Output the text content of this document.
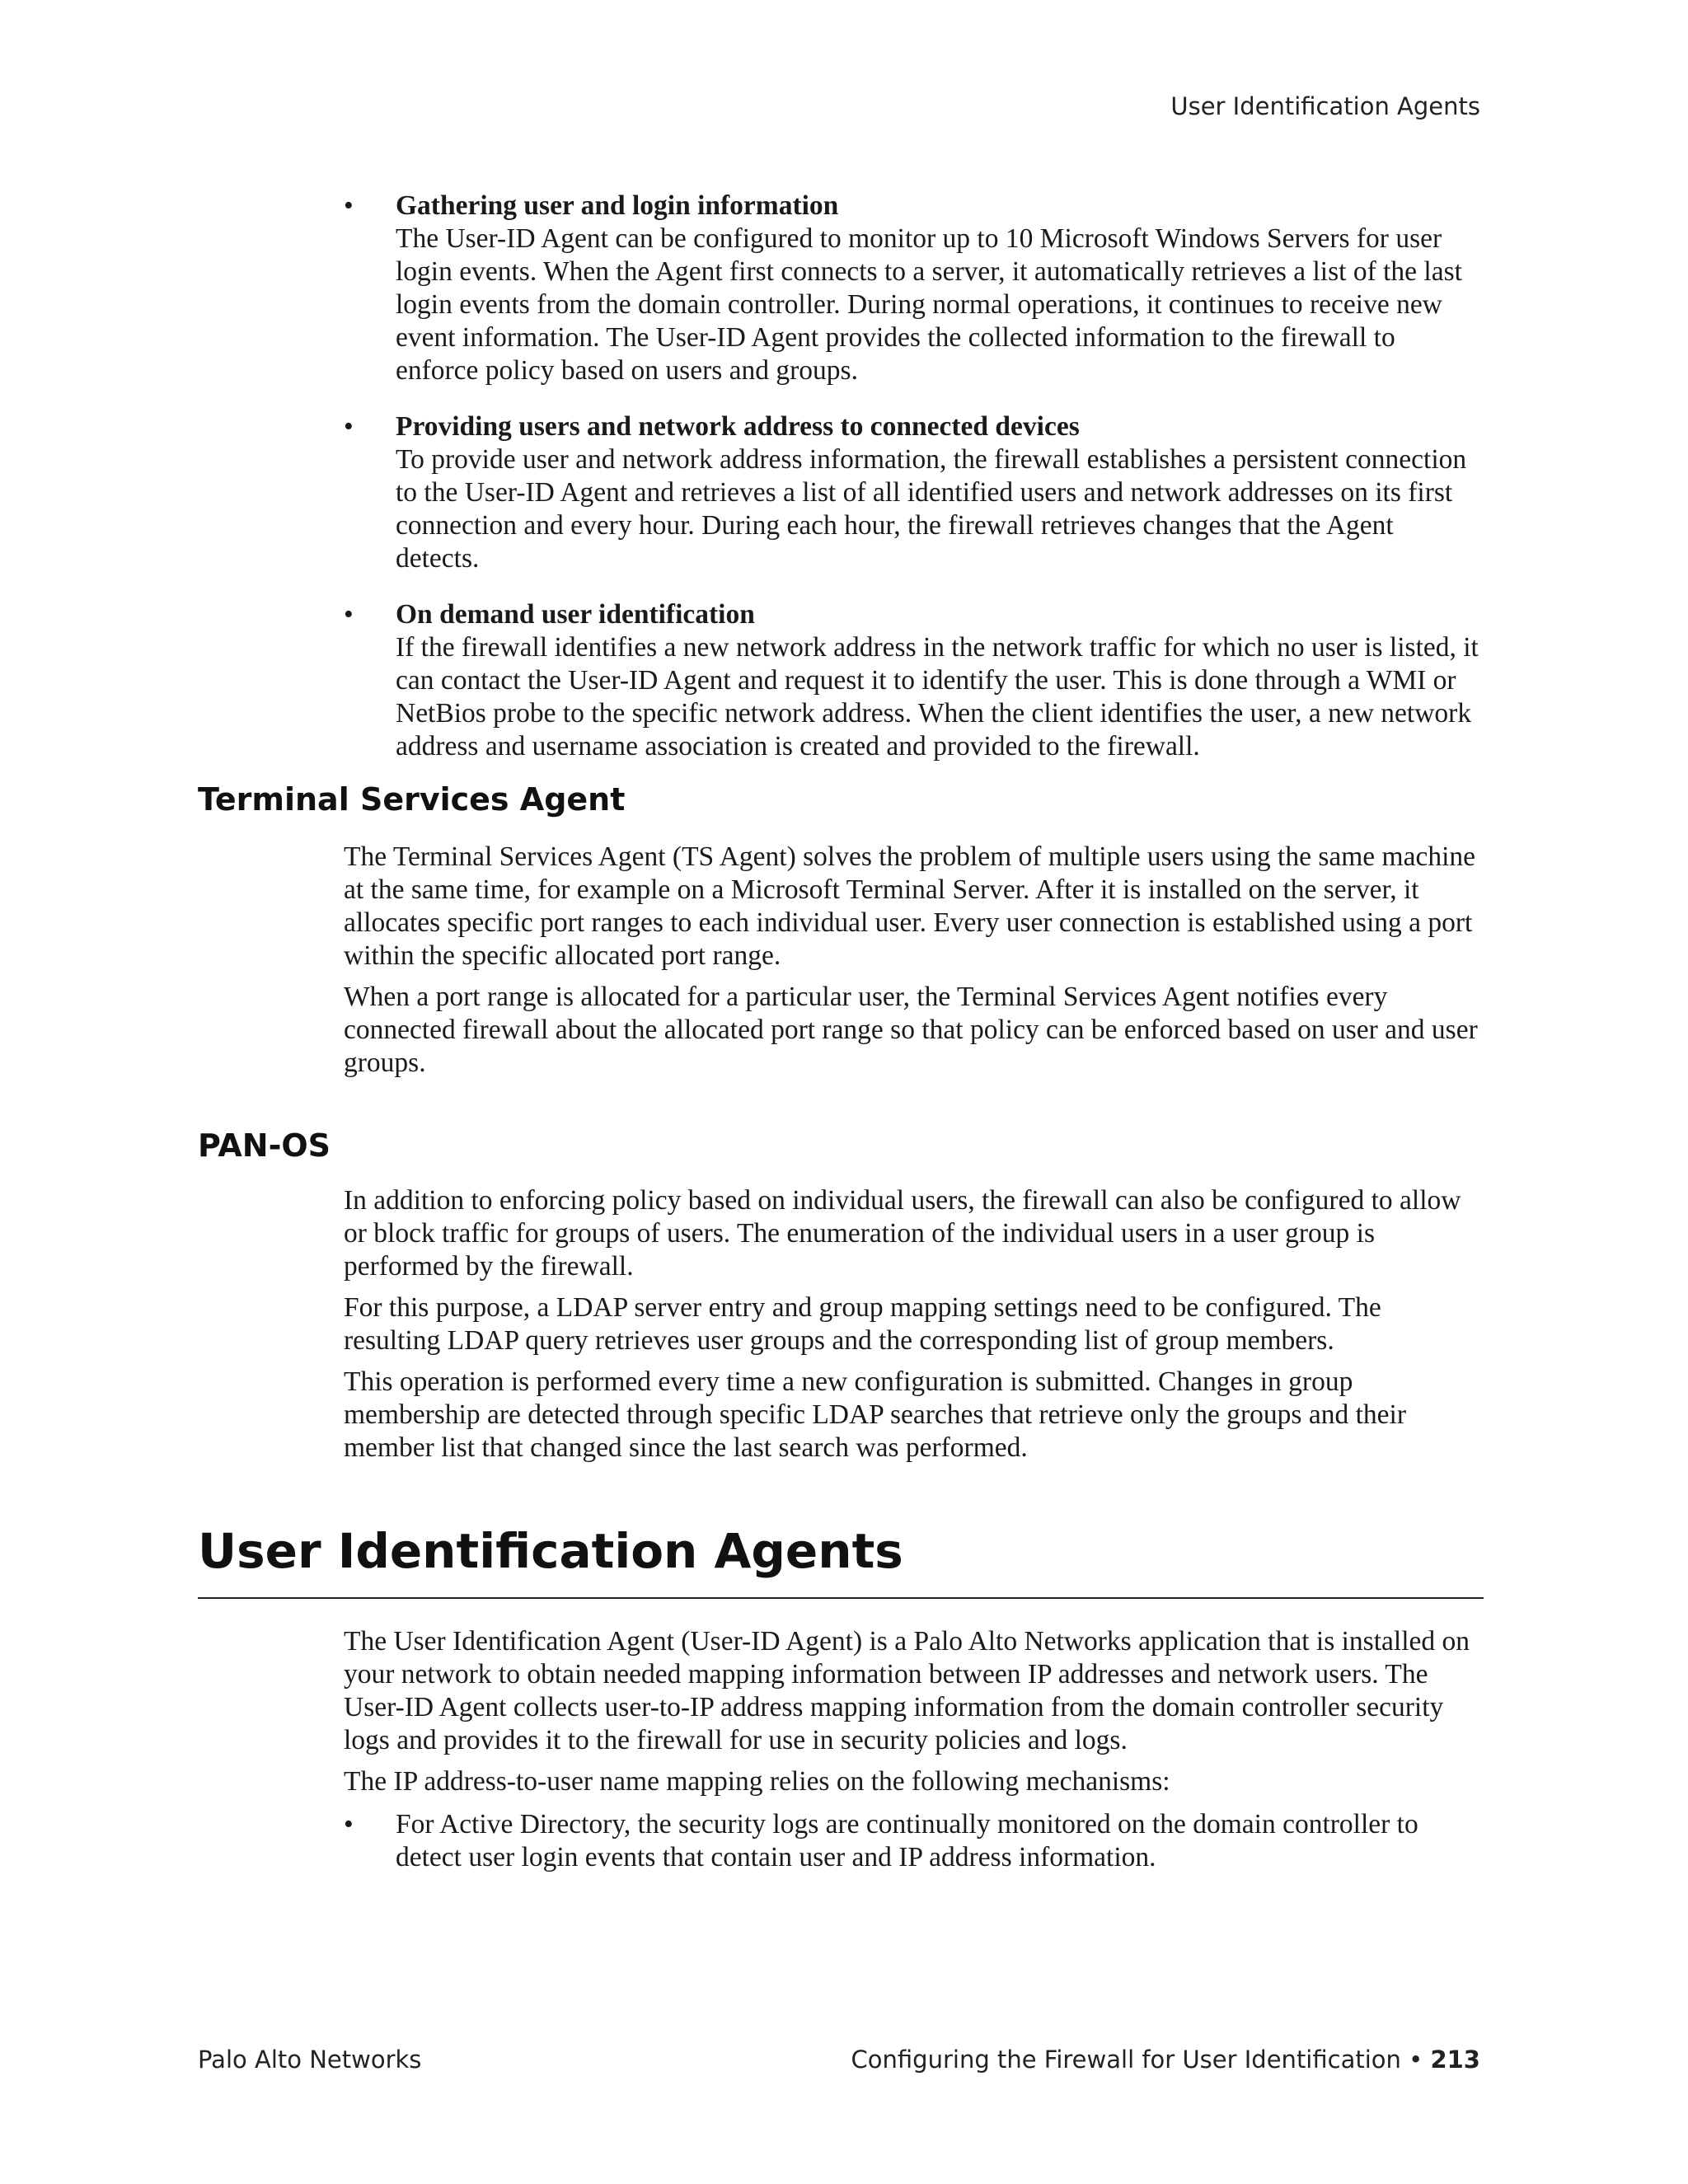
User Identification Agents
•	Gathering user and login information
The User-ID Agent can be configured to monitor up to 10 Microsoft Windows Servers for user login events. When the Agent first connects to a server, it automatically retrieves a list of the last login events from the domain controller. During normal operations, it continues to receive new event information. The User-ID Agent provides the collected information to the firewall to enforce policy based on users and groups.
•	Providing users and network address to connected devices
To provide user and network address information, the firewall establishes a persistent connection to the User-ID Agent and retrieves a list of all identified users and network addresses on its first connection and every hour. During each hour, the firewall retrieves changes that the Agent detects.
•	On demand user identification
If the firewall identifies a new network address in the network traffic for which no user is listed, it can contact the User-ID Agent and request it to identify the user. This is done through a WMI or NetBios probe to the specific network address. When the client identifies the user, a new network address and username association is created and provided to the firewall.
Terminal Services Agent

The Terminal Services Agent (TS Agent) solves the problem of multiple users using the same machine at the same time, for example on a Microsoft Terminal Server. After it is installed on the server, it allocates specific port ranges to each individual user. Every user connection is established using a port within the specific allocated port range.

When a port range is allocated for a particular user, the Terminal Services Agent notifies every connected firewall about the allocated port range so that policy can be enforced based on user and user groups.

PAN-OS

In addition to enforcing policy based on individual users, the firewall can also be configured to allow or block traffic for groups of users. The enumeration of the individual users in a user group is performed by the firewall.

For this purpose, a LDAP server entry and group mapping settings need to be configured. The resulting LDAP query retrieves user groups and the corresponding list of group members.

This operation is performed every time a new configuration is submitted. Changes in group membership are detected through specific LDAP searches that retrieve only the groups and their member list that changed since the last search was performed.

User Identification Agents

The User Identification Agent (User-ID Agent) is a Palo Alto Networks application that is installed on your network to obtain needed mapping information between IP addresses and network users. The User-ID Agent collects user-to-IP address mapping information from the domain controller security logs and provides it to the firewall for use in security policies and logs.

The IP address-to-user name mapping relies on the following mechanisms:

•	For Active Directory, the security logs are continually monitored on the domain controller to detect user login events that contain user and IP address information.
Palo Alto Networks	Configuring the Firewall for User Identification • 213
